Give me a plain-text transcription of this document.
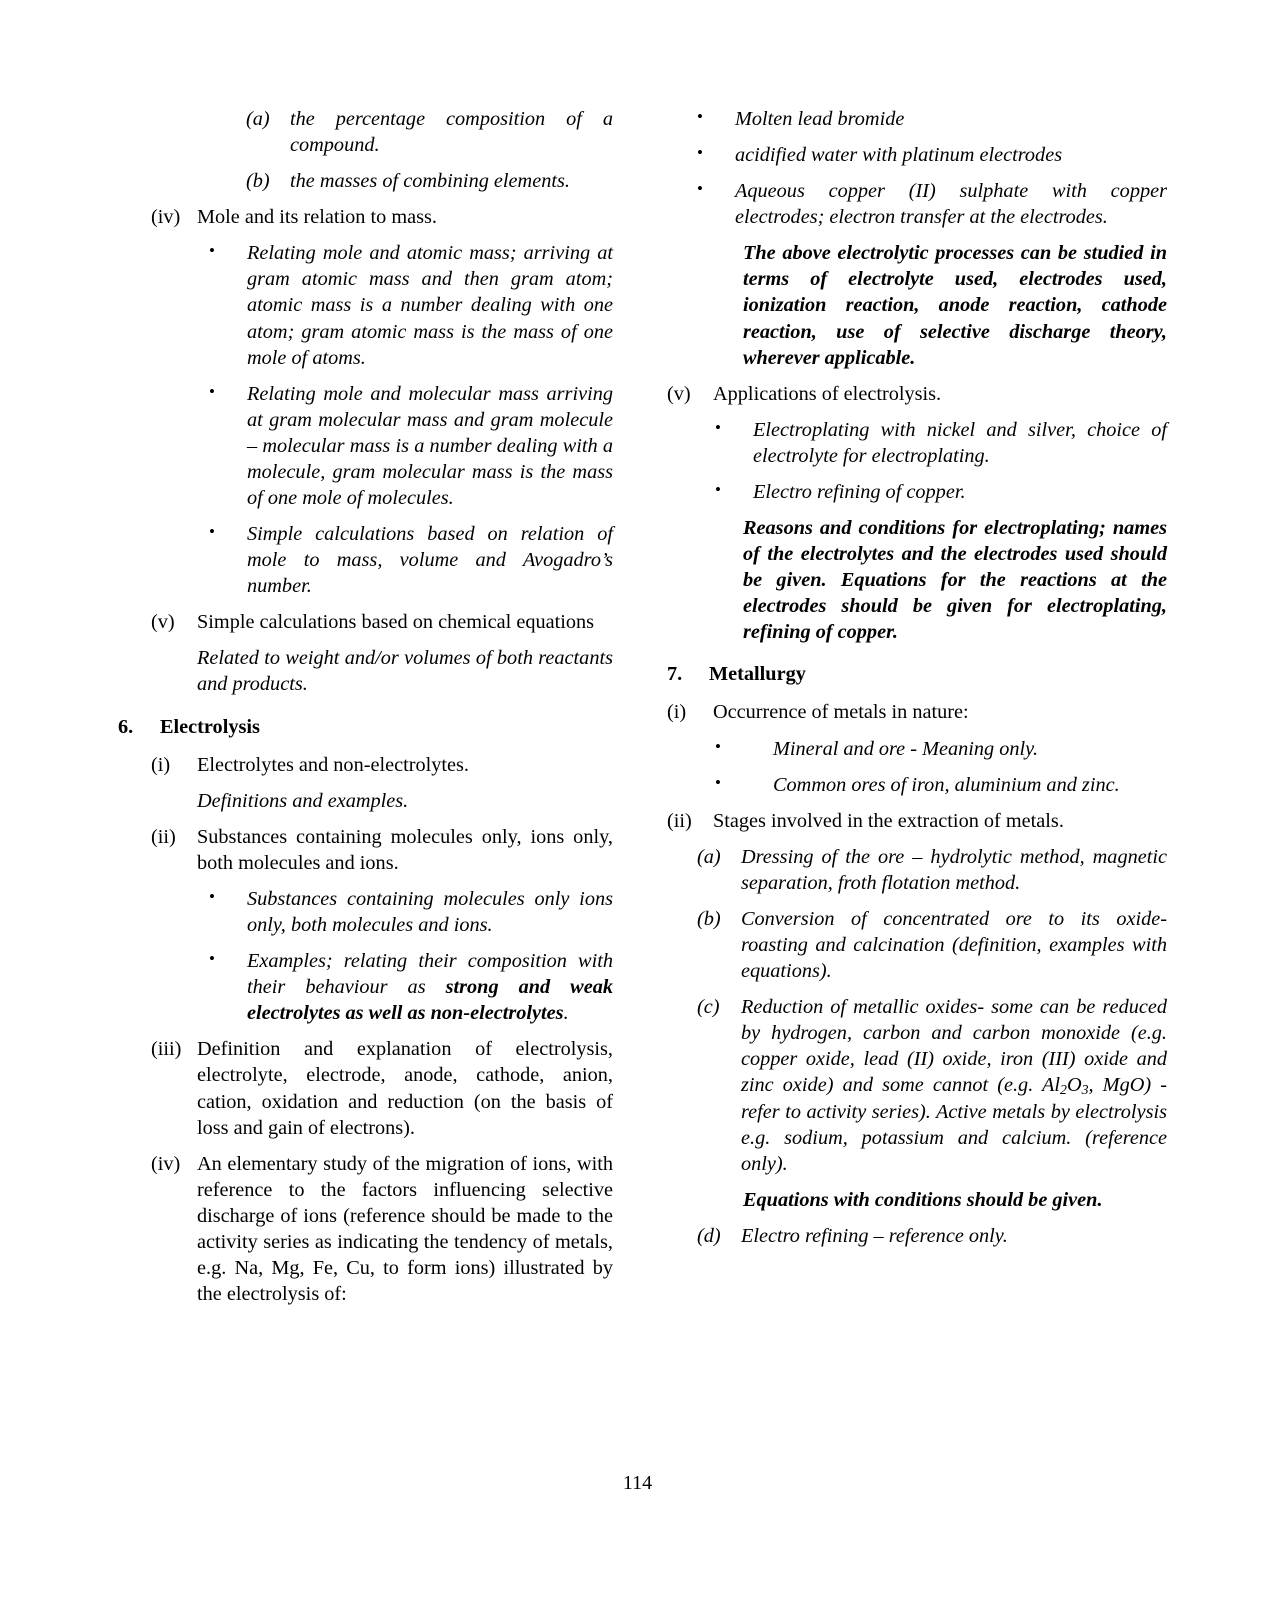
(a)	the percentage composition of a compound.
(b)	the masses of combining elements.
(iv) Mole and its relation to mass.
•	Relating mole and atomic mass; arriving at gram atomic mass and then gram atom; atomic mass is a number dealing with one atom; gram atomic mass is the mass of one mole of atoms.
•	Relating mole and molecular mass arriving at gram molecular mass and gram molecule – molecular mass is a number dealing with a molecule, gram molecular mass is the mass of one mole of molecules.
•	Simple calculations based on relation of mole to mass, volume and Avogadro’s number.
(v)	Simple calculations based on chemical equations
Related to weight and/or volumes of both reactants and products.
6.	Electrolysis
(i)	Electrolytes and non-electrolytes.
Definitions and examples.
(ii)	Substances containing molecules only, ions only, both molecules and ions.
•	Substances containing molecules only ions only, both molecules and ions.
•	Examples; relating their composition with their behaviour as strong and weak electrolytes as well as non-electrolytes.
(iii) Definition and explanation of electrolysis, electrolyte, electrode, anode, cathode, anion, cation, oxidation and reduction (on the basis of loss and gain of electrons).
(iv) An elementary study of the migration of ions, with reference to the factors influencing selective discharge of ions (reference should be made to the activity series as indicating the tendency of metals, e.g. Na, Mg, Fe, Cu, to form ions) illustrated by the electrolysis of:
•	Molten lead bromide
•	acidified water with platinum electrodes
•	Aqueous copper (II) sulphate with copper electrodes; electron transfer at the electrodes.
The above electrolytic processes can be studied in terms of electrolyte used, electrodes used, ionization reaction, anode reaction, cathode reaction, use of selective discharge theory, wherever applicable.
(v)	Applications of electrolysis.
•	Electroplating with nickel and silver, choice of electrolyte for electroplating.
•	Electro refining of copper.
Reasons and conditions for electroplating; names of the electrolytes and the electrodes used should be given. Equations for the reactions at the electrodes should be given for electroplating, refining of copper.
7.	Metallurgy
(i)	Occurrence of metals in nature:
•	Mineral and ore - Meaning only.
•	Common ores of iron, aluminium and zinc.
(ii)	Stages involved in the extraction of metals.
(a)	Dressing of the ore – hydrolytic method, magnetic separation, froth flotation method.
(b)	Conversion of concentrated ore to its oxide- roasting and calcination (definition, examples with equations).
(c)	Reduction of metallic oxides- some can be reduced by hydrogen, carbon and carbon monoxide (e.g. copper oxide, lead (II) oxide, iron (III) oxide and zinc oxide) and some cannot (e.g. $Al_2O_3$, MgO) - refer to activity series). Active metals by electrolysis e.g. sodium, potassium and calcium. (reference only).
Equations with conditions should be given.
(d)	Electro refining – reference only.
114
